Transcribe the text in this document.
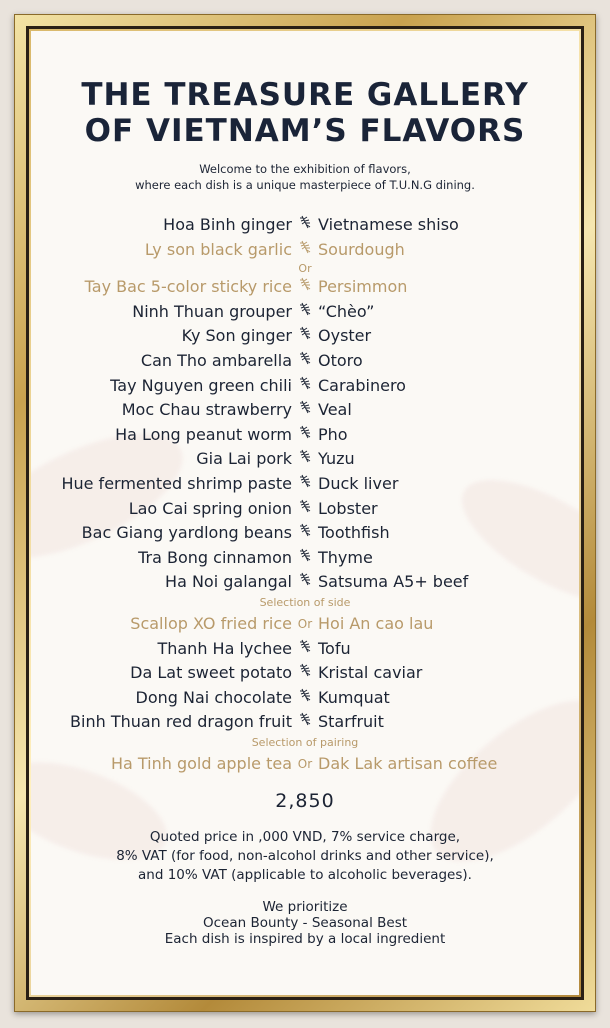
THE TREASURE GALLERY
OF VIETNAM’S FLAVORS
Welcome to the exhibition of flavors,
where each dish is a unique masterpiece of T.U.N.G dining.
Hoa Binh ginger Vietnamese shiso
Ly son black garlic Sourdough
Or
Tay Bac 5-color sticky rice Persimmon
Ninh Thuan grouper “Chèo”
Ky Son ginger Oyster
Can Tho ambarella Otoro
Tay Nguyen green chili Carabinero
Moc Chau strawberry Veal
Ha Long peanut worm Pho
Gia Lai pork Yuzu
Hue fermented shrimp paste Duck liver
Lao Cai spring onion Lobster
Bac Giang yardlong beans Toothfish
Tra Bong cinnamon Thyme
Ha Noi galangal Satsuma A5+ beef
Selection of side
Scallop XO fried rice Or Hoi An cao lau
Thanh Ha lychee Tofu
Da Lat sweet potato Kristal caviar
Dong Nai chocolate Kumquat
Binh Thuan red dragon fruit Starfruit
Selection of pairing
Ha Tinh gold apple tea Or Dak Lak artisan coffee
2,850
Quoted price in ,000 VND, 7% service charge,
8% VAT (for food, non-alcohol drinks and other service),
and 10% VAT (applicable to alcoholic beverages).
We prioritize
Ocean Bounty - Seasonal Best
Each dish is inspired by a local ingredient
